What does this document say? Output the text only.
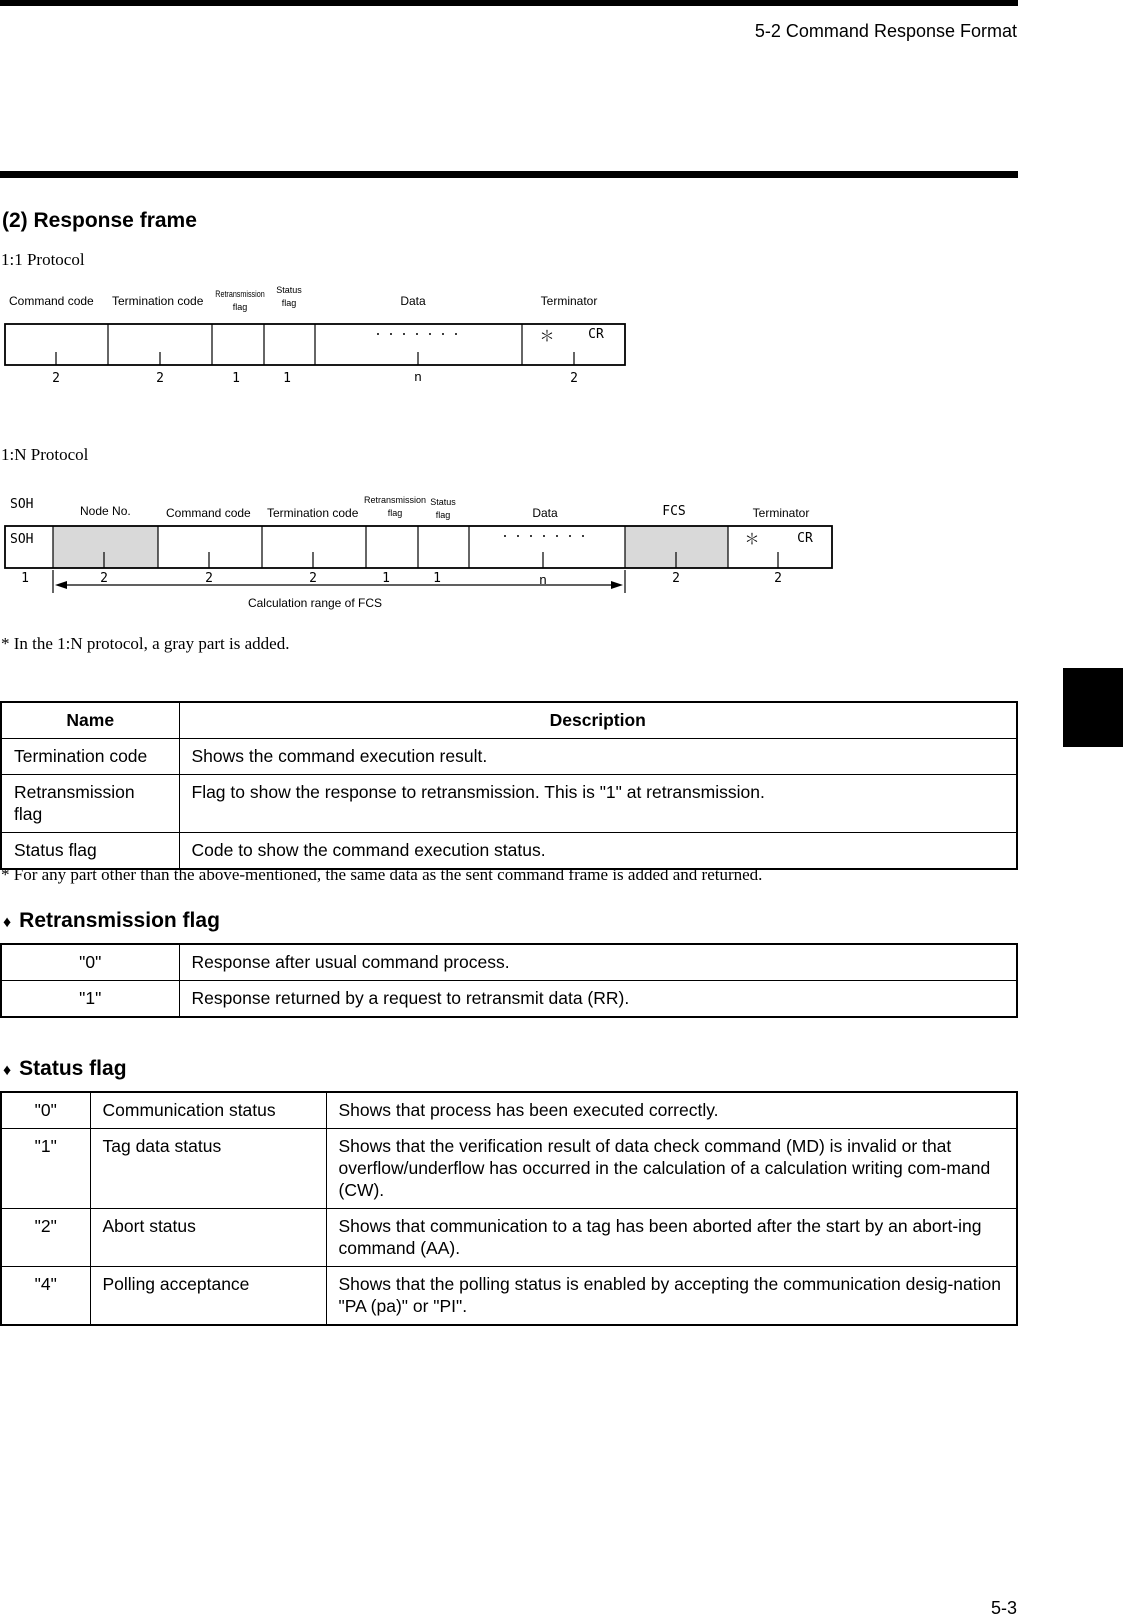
5-2 Command Response Format
(2) Response frame
1:1 Protocol
Command code Termination code Retransmission
flag
Status
flag	Data	Terminator
・・・・・・・	＊	CR
2	2	1	1	n	2
1:N Protocol
SOH	Node No.	Command code Termination code
Retransmission
flag
Status
flag	Data	FCS	Terminator
SOH	・・・・・・・	＊	CR
1	2	2	2	1	1	n	2	2
Calculation range of FCS
* In the 1:N protocol, a gray part is added.
Name	Description
Termination code	Shows the command execution result.
Retransmission flag	Flag to show the response to retransmission. This is "1" at retransmission.
Status flag	Code to show the command execution status.
* For any part other than the above-mentioned, the same data as the sent command frame is added and returned.
♦ Retransmission flag
"0"	Response after usual command process.
"1"	Response returned by a request to retransmit data (RR).
♦ Status flag
"0"	Communication status	Shows that process has been executed correctly.
"1"	Tag data status	Shows that the verification result of data check command (MD) is invalid or that overflow/underflow has occurred in the calculation of a calculation writing com-mand (CW).
"2"	Abort status	Shows that communication to a tag has been aborted after the start by an abort-ing command (AA).
"4"	Polling acceptance	Shows that the polling status is enabled by accepting the communication desig-nation "PA (pa)" or "PI".
5-3
